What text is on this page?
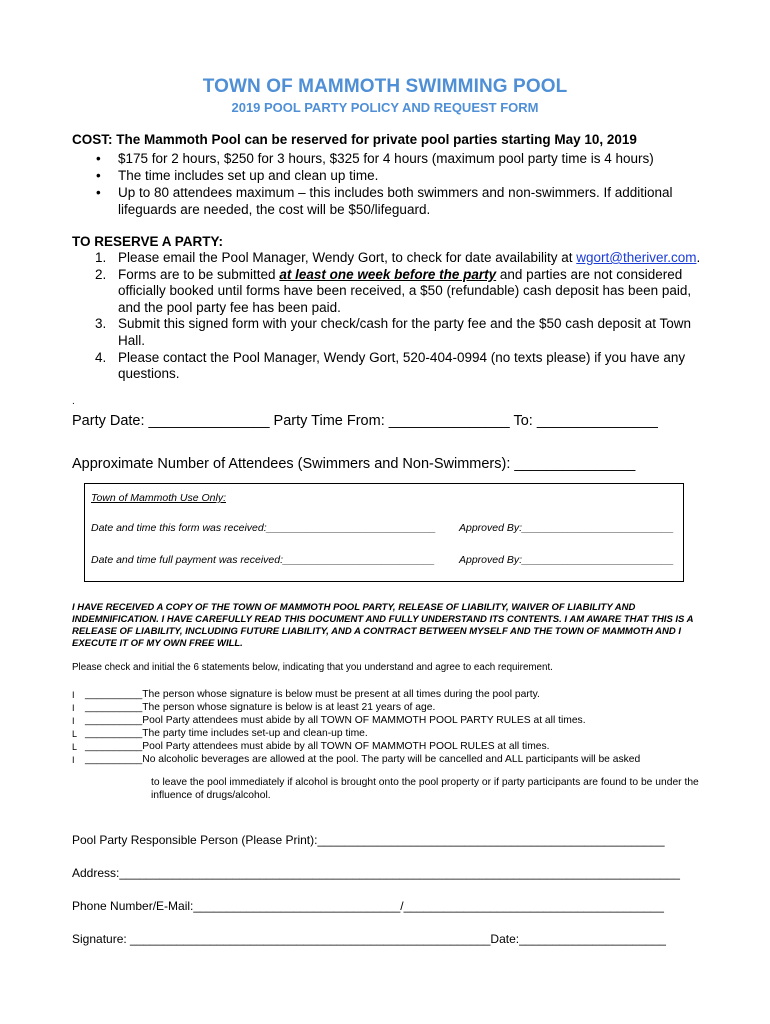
TOWN OF MAMMOTH SWIMMING POOL
2019 POOL PARTY POLICY AND REQUEST FORM
COST: The Mammoth Pool can be reserved for private pool parties starting May 10, 2019
• $175 for 2 hours, $250 for 3 hours, $325 for 4 hours (maximum pool party time is 4 hours)
• The time includes set up and clean up time.
• Up to 80 attendees maximum – this includes both swimmers and non-swimmers. If additional lifeguards are needed, the cost will be $50/lifeguard.
TO RESERVE A PARTY:
1. Please email the Pool Manager, Wendy Gort, to check for date availability at wgort@theriver.com.
2. Forms are to be submitted at least one week before the party and parties are not considered officially booked until forms have been received, a $50 (refundable) cash deposit has been paid, and the pool party fee has been paid.
3. Submit this signed form with your check/cash for the party fee and the $50 cash deposit at Town Hall.
4. Please contact the Pool Manager, Wendy Gort, 520-404-0994 (no texts please) if you have any questions.
.
Party Date: _______________ Party Time From: _______________ To: _______________
Approximate Number of Attendees (Swimmers and Non-Swimmers): _______________
Town of Mammoth Use Only:
Date and time this form was received:_____________________________ Approved By:__________________________
Date and time full payment was received:__________________________ Approved By:__________________________
I HAVE RECEIVED A COPY OF THE TOWN OF MAMMOTH POOL PARTY, RELEASE OF LIABILITY, WAIVER OF LIABILITY AND INDEMNIFICATION. I HAVE CAREFULLY READ THIS DOCUMENT AND FULLY UNDERSTAND ITS CONTENTS. I AM AWARE THAT THIS IS A RELEASE OF LIABILITY, INCLUDING FUTURE LIABILITY, AND A CONTRACT BETWEEN MYSELF AND THE TOWN OF MAMMOTH AND I EXECUTE IT OF MY OWN FREE WILL.
Please check and initial the 6 statements below, indicating that you understand and agree to each requirement.
I __________The person whose signature is below must be present at all times during the pool party.
I __________The person whose signature is below is at least 21 years of age.
I __________Pool Party attendees must abide by all TOWN OF MAMMOTH POOL PARTY RULES at all times.
L __________The party time includes set-up and clean-up time.
L __________Pool Party attendees must abide by all TOWN OF MAMMOTH POOL RULES at all times.
I __________No alcoholic beverages are allowed at the pool. The party will be cancelled and ALL participants will be asked
to leave the pool immediately if alcohol is brought onto the pool property or if party participants are found to be under the influence of drugs/alcohol.
Pool Party Responsible Person (Please Print):____________________________________________________
Address:____________________________________________________________________________________
Phone Number/E-Mail:_______________________________/_______________________________________
Signature: ______________________________________________________Date:______________________
